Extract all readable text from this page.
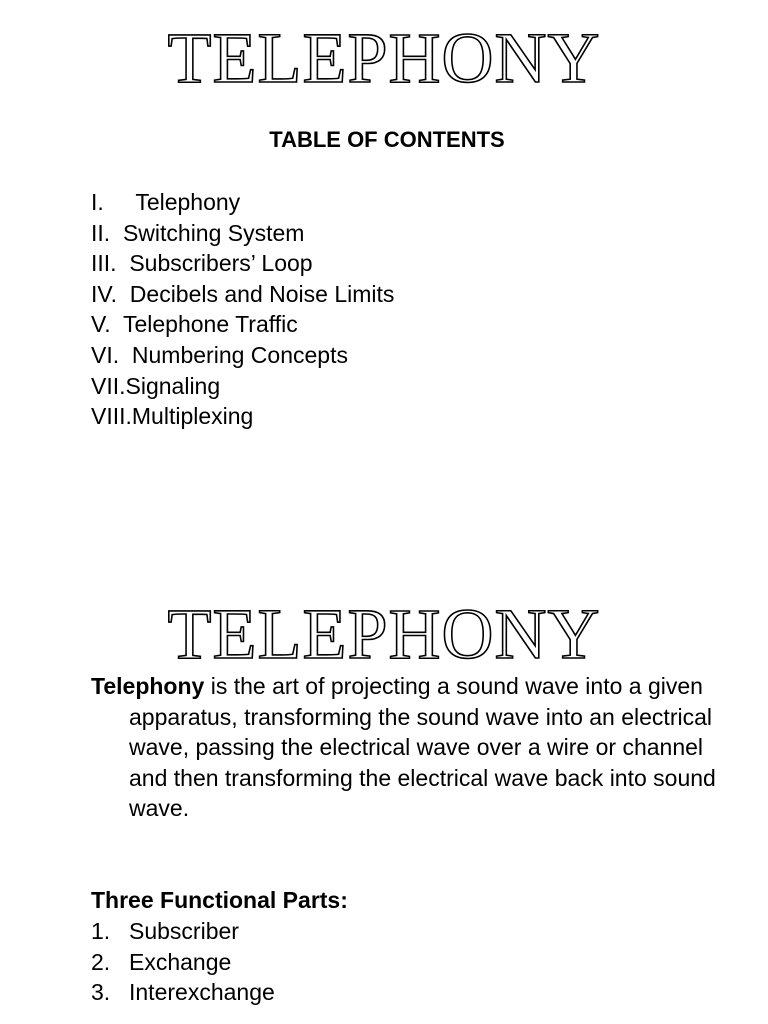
TELEPHONY
TABLE OF CONTENTS
I.     Telephony
II.  Switching System
III.  Subscribers’ Loop
IV.  Decibels and Noise Limits
V.  Telephone Traffic
VI.  Numbering Concepts
VII.Signaling
VIII.Multiplexing
TELEPHONY

Telephony is the art of projecting a sound wave into a given apparatus, transforming the sound wave into an electrical wave, passing the electrical wave over a wire or channel and then transforming the electrical wave back into sound wave.

Three Functional Parts:
1. Subscriber
2. Exchange
3. Interexchange
